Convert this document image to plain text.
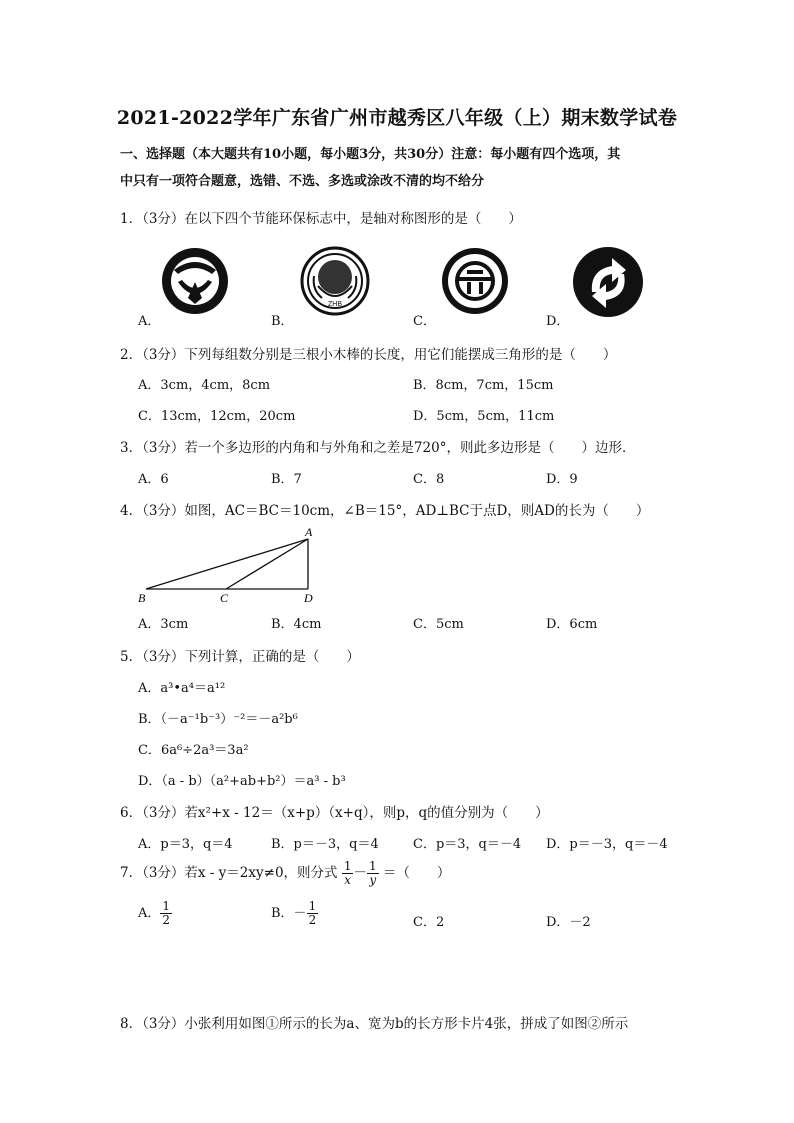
2021-2022学年广东省广州市越秀区八年级（上）期末数学试卷
一、选择题（本大题共有10小题，每小题3分，共30分）注意：每小题有四个选项，其
中只有一项符合题意，选错、不选、多选或涂改不清的均不给分
1．（3分）在以下四个节能环保标志中，是轴对称图形的是（　　）
ZHB
A．	B．	C．	D．
2．（3分）下列每组数分别是三根小木棒的长度，用它们能摆成三角形的是（　　）
A．3cm，4cm，8cm	B．8cm，7cm，15cm
C．13cm，12cm，20cm	D．5cm，5cm，11cm
3．（3分）若一个多边形的内角和与外角和之差是720°，则此多边形是（　　）边形．
A．6	B．7	C．8	D．9
4．（3分）如图，AC＝BC＝10cm，∠B＝15°，AD⊥BC于点D，则AD的长为（　　）
A
B	C	D
A．3cm	B．4cm	C．5cm	D．6cm
5．（3分）下列计算，正确的是（　　）
A．a³•a⁴＝a¹²
B．（－a⁻¹b⁻³）⁻²＝－a²b⁶
C．6a⁶÷2a³＝3a²
D．（a - b）（a²+ab+b²）＝a³ - b³
6．（3分）若x²+x - 12＝（x+p）（x+q），则p，q的值分别为（　　）
A．p＝3，q＝4	B．p＝－3，q＝4	C．p＝3，q＝－4 D．p＝－3，q＝－4
7．（3分）若x - y＝2xy≠0，则分式 $\frac{1}{x} - \frac{1}{y}$ ＝（　　）
A． $\frac{1}{2}$	B．－ $\frac{1}{2}$	C．2	D．－2
8．（3分）小张利用如图①所示的长为a、宽为b的长方形卡片4张，拼成了如图②所示
